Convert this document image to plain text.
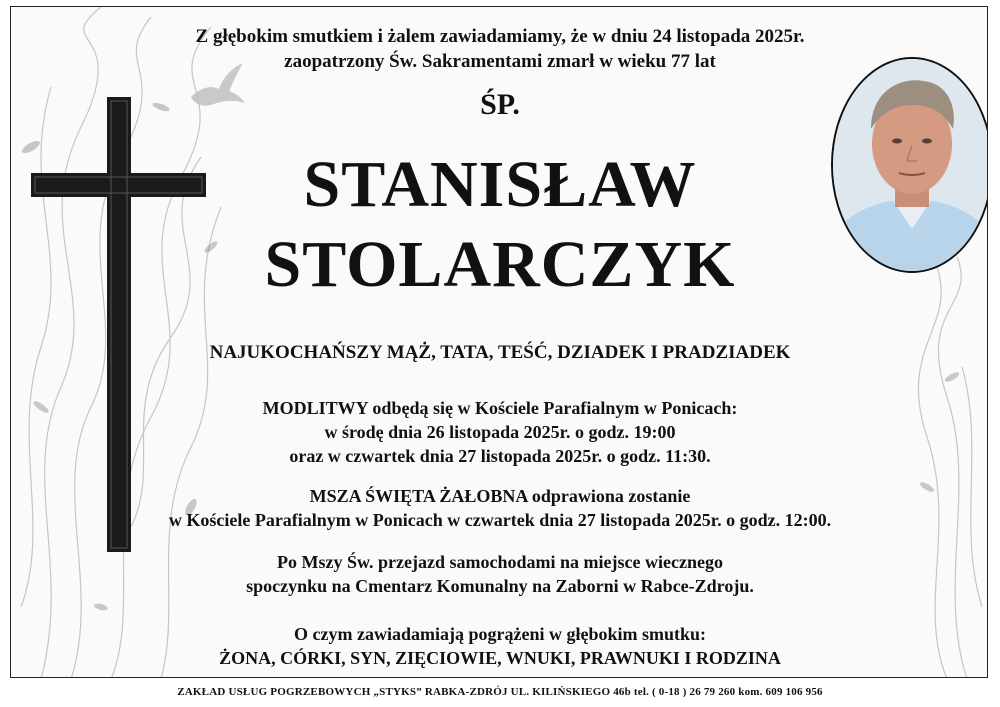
Z głębokim smutkiem i żalem zawiadamiamy, że w dniu 24 listopada 2025r.
zaopatrzony Św. Sakramentami zmarł w wieku 77 lat
ŚP.
STANISŁAW
STOLARCZYK
NAJUKOCHAŃSZY MĄŻ, TATA, TEŚĆ, DZIADEK I PRADZIADEK
MODLITWY odbędą się w Kościele Parafialnym w Ponicach:
w środę dnia 26 listopada 2025r. o godz. 19:00
oraz w czwartek dnia 27 listopada 2025r. o godz. 11:30.
MSZA ŚWIĘTA ŻAŁOBNA odprawiona zostanie
w Kościele Parafialnym w Ponicach w czwartek dnia 27 listopada 2025r. o godz. 12:00.
Po Mszy Św. przejazd samochodami na miejsce wiecznego
spoczynku na Cmentarz Komunalny na Zaborni w Rabce-Zdroju.
O czym zawiadamiają pogrążeni w głębokim smutku:
ŻONA, CÓRKI, SYN, ZIĘCIOWIE, WNUKI, PRAWNUKI I RODZINA
ZAKŁAD USŁUG POGRZEBOWYCH „STYKS” RABKA-ZDRÓJ UL. KILIŃSKIEGO 46b tel. ( 0-18 ) 26 79 260 kom. 609 106 956
